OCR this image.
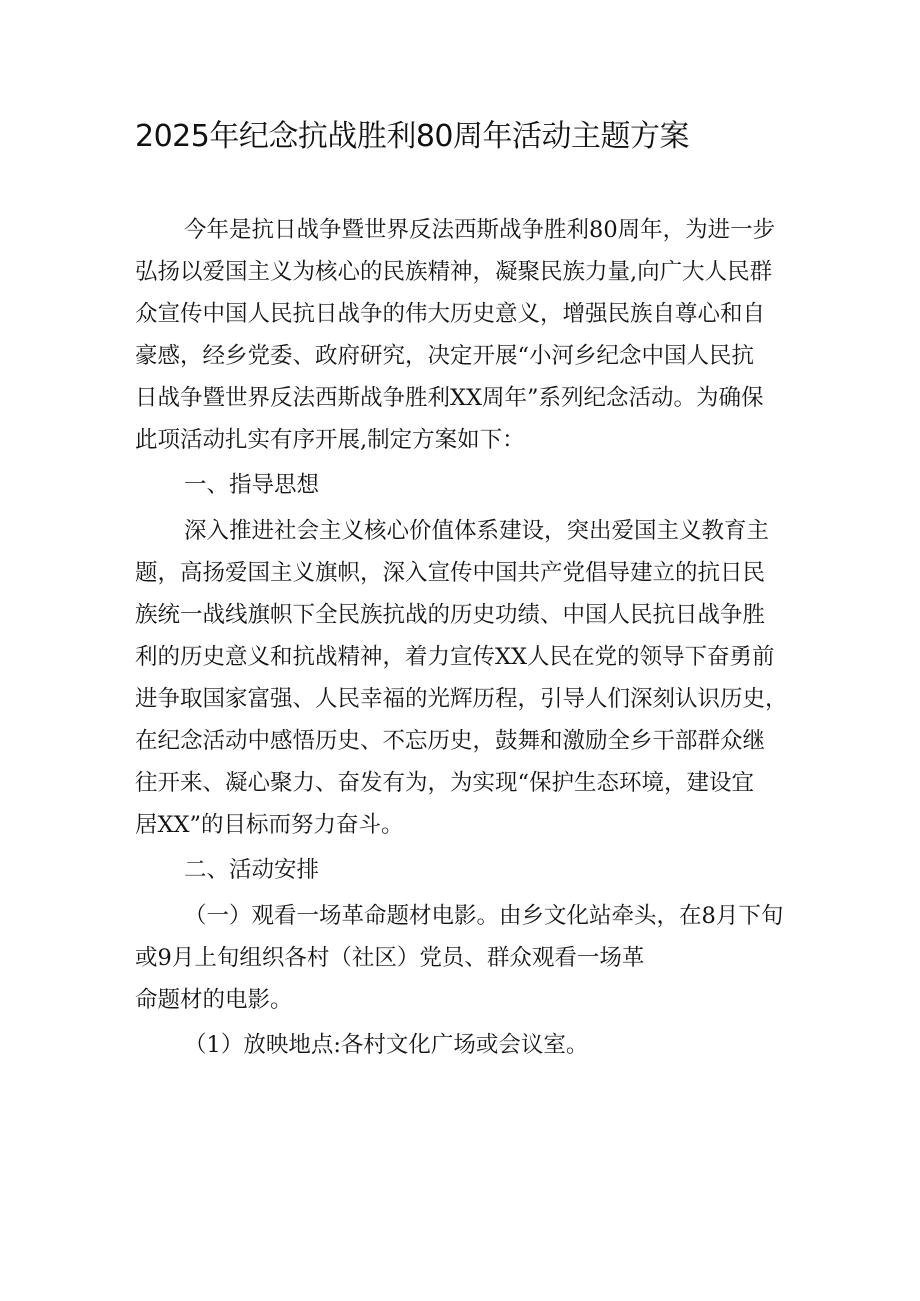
2025年纪念抗战胜利80周年活动主题方案

今年是抗日战争暨世界反法西斯战争胜利80周年，为进一步

弘扬以爱国主义为核心的民族精神，凝聚民族力量,向广大人民群

众宣传中国人民抗日战争的伟大历史意义，增强民族自尊心和自

豪感，经乡党委、政府研究，决定开展“小河乡纪念中国人民抗

日战争暨世界反法西斯战争胜利XX周年”系列纪念活动。为确保

此项活动扎实有序开展,制定方案如下：

一、指导思想

深入推进社会主义核心价值体系建设，突出爱国主义教育主

题，高扬爱国主义旗帜，深入宣传中国共产党倡导建立的抗日民

族统一战线旗帜下全民族抗战的历史功绩、中国人民抗日战争胜

利的历史意义和抗战精神，着力宣传XX人民在党的领导下奋勇前

进争取国家富强、人民幸福的光辉历程，引导人们深刻认识历史，

在纪念活动中感悟历史、不忘历史，鼓舞和激励全乡干部群众继

往开来、凝心聚力、奋发有为，为实现“保护生态环境，建设宜

居XX”的目标而努力奋斗。

二、活动安排

（一）观看一场革命题材电影。由乡文化站牵头，在8月下旬

或9月上旬组织各村（社区）党员、群众观看一场革

命题材的电影。

（1）放映地点:各村文化广场或会议室。
